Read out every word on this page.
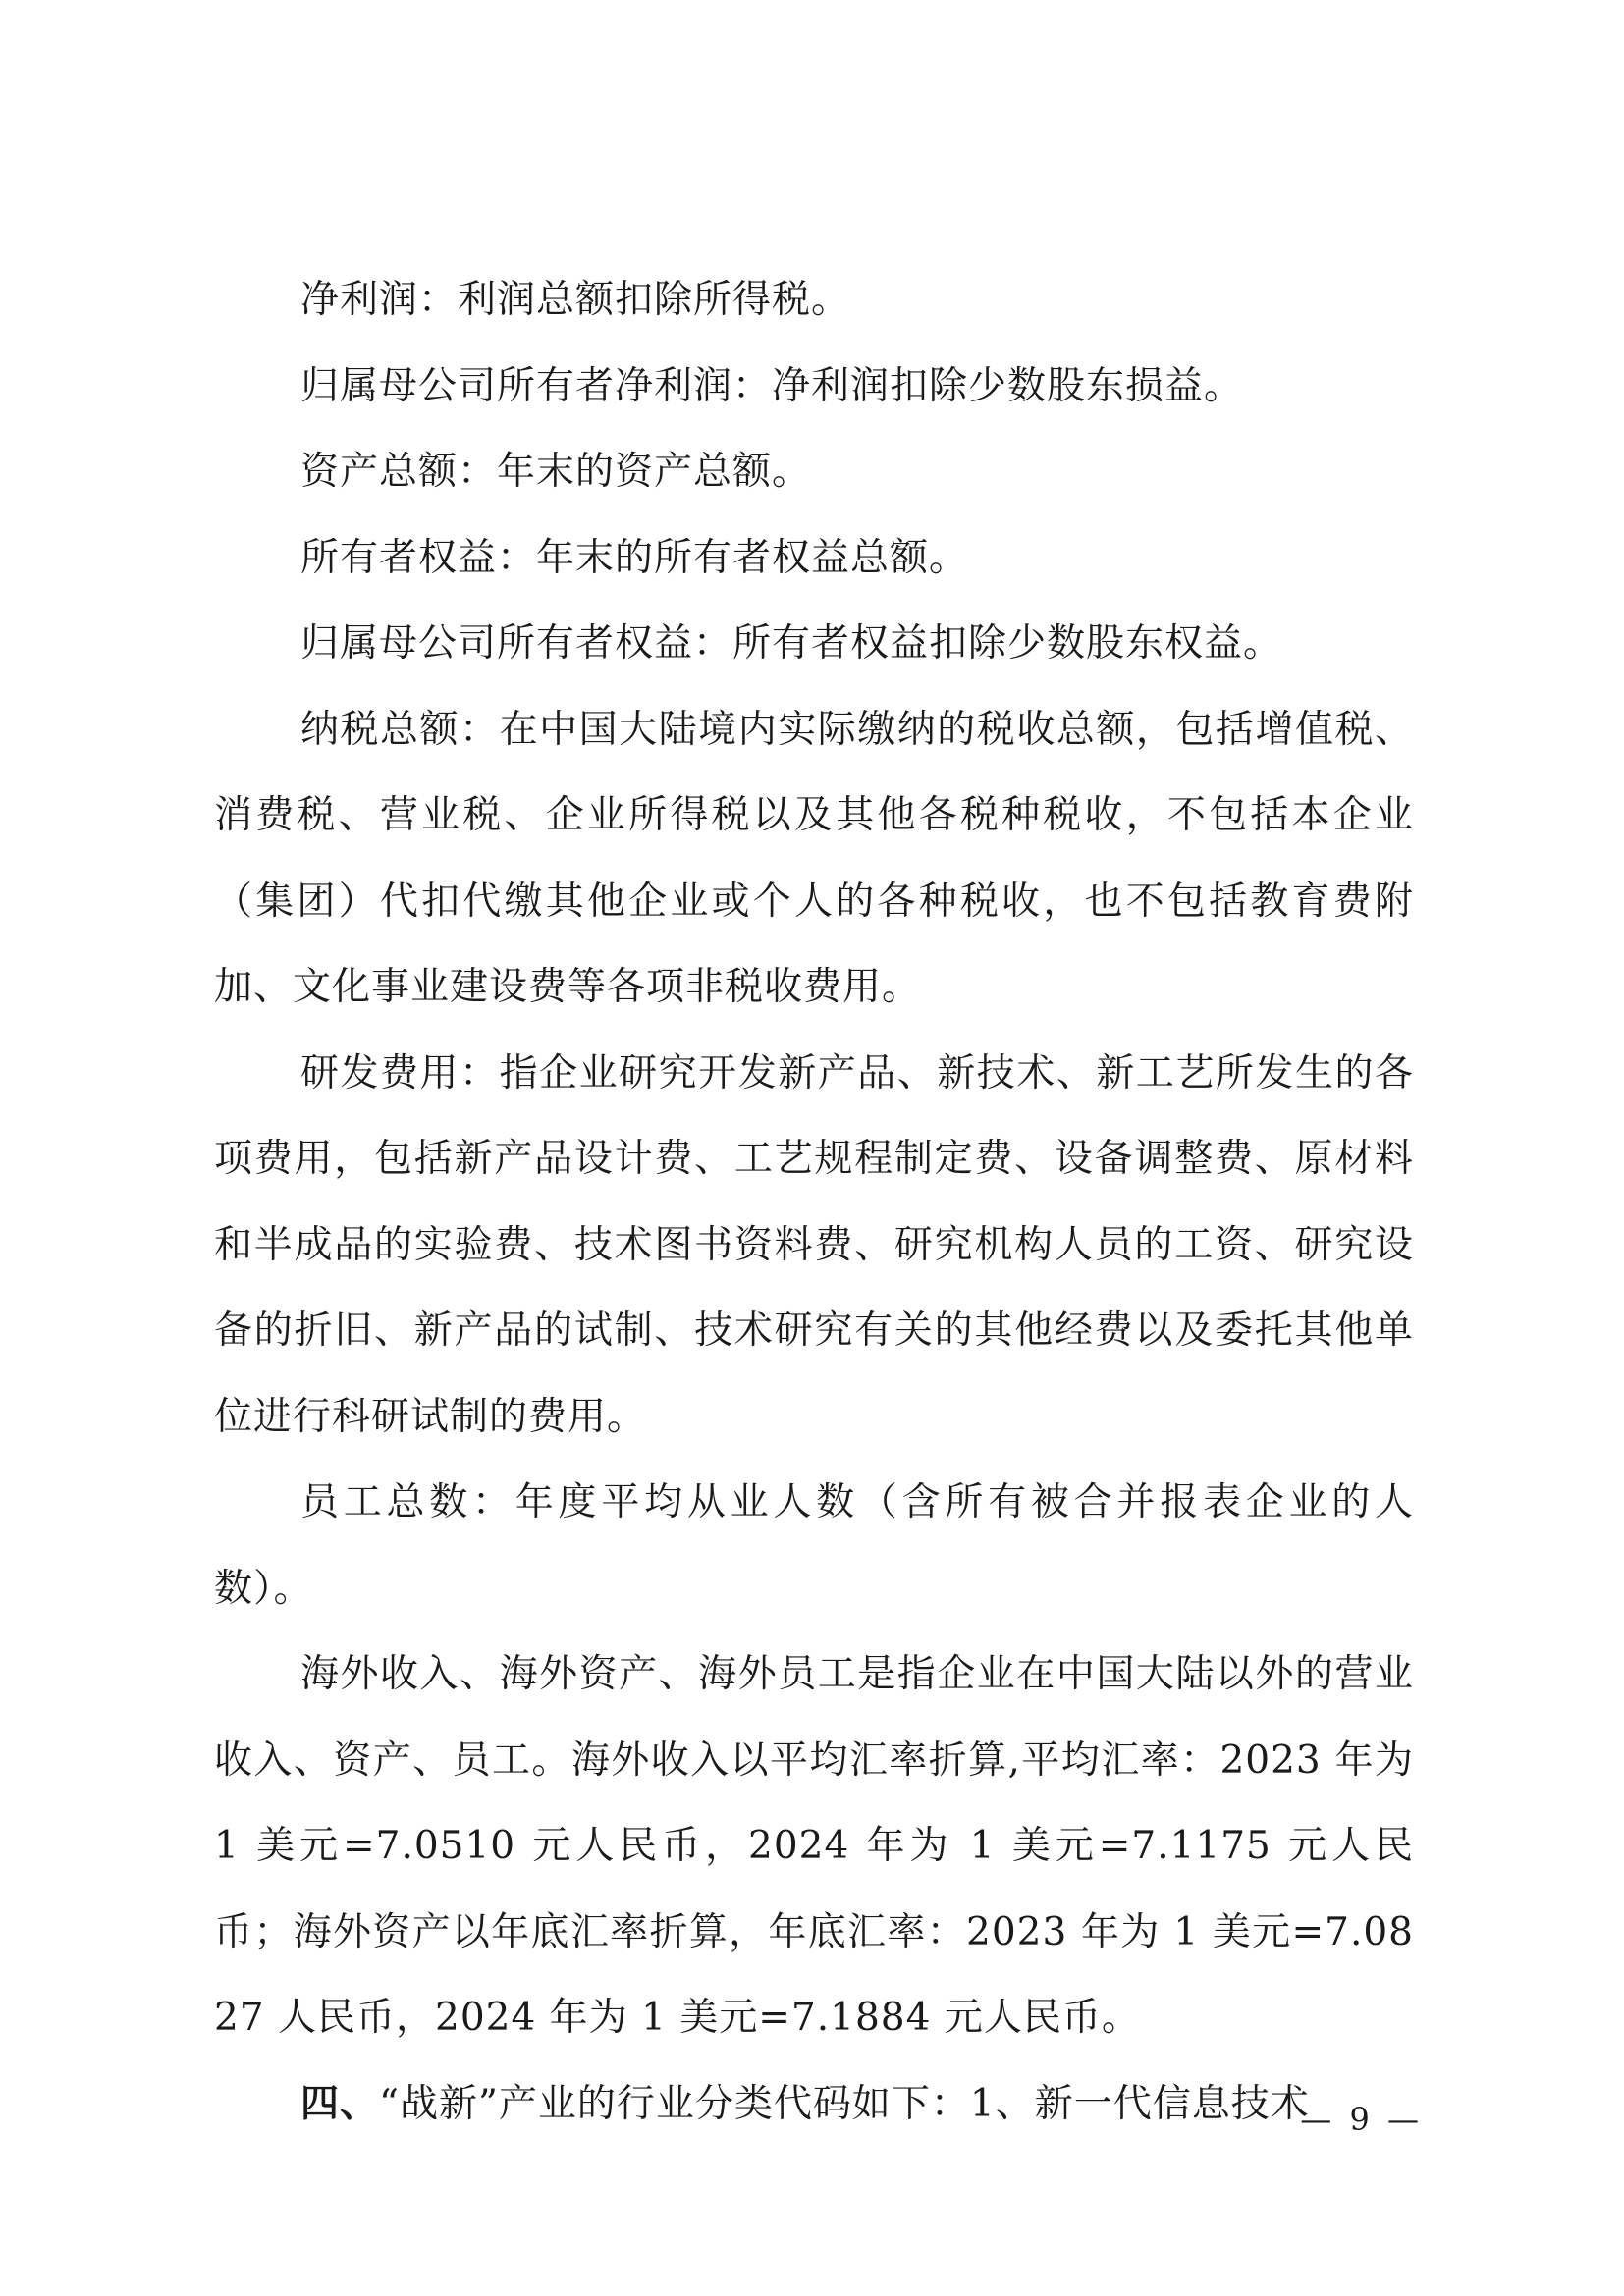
净利润：利润总额扣除所得税。

归属母公司所有者净利润：净利润扣除少数股东损益。

资产总额：年末的资产总额。

所有者权益：年末的所有者权益总额。

归属母公司所有者权益：所有者权益扣除少数股东权益。

纳税总额：在中国大陆境内实际缴纳的税收总额，包括增值税、消费税、营业税、企业所得税以及其他各税种税收，不包括本企业（集团）代扣代缴其他企业或个人的各种税收，也不包括教育费附加、文化事业建设费等各项非税收费用。

研发费用：指企业研究开发新产品、新技术、新工艺所发生的各项费用，包括新产品设计费、工艺规程制定费、设备调整费、原材料和半成品的实验费、技术图书资料费、研究机构人员的工资、研究设备的折旧、新产品的试制、技术研究有关的其他经费以及委托其他单位进行科研试制的费用。

员工总数：年度平均从业人数（含所有被合并报表企业的人数）。

海外收入、海外资产、海外员工是指企业在中国大陆以外的营业收入、资产、员工。海外收入以平均汇率折算,平均汇率：2023 年为 1 美元=7.0510 元人民币，2024 年为 1 美元=7.1175 元人民币；海外资产以年底汇率折算，年底汇率：2023 年为 1 美元=7.0827 人民币，2024 年为 1 美元=7.1884 元人民币。

四、“战新”产业的行业分类代码如下：1、新一代信息技术

— 9 —
